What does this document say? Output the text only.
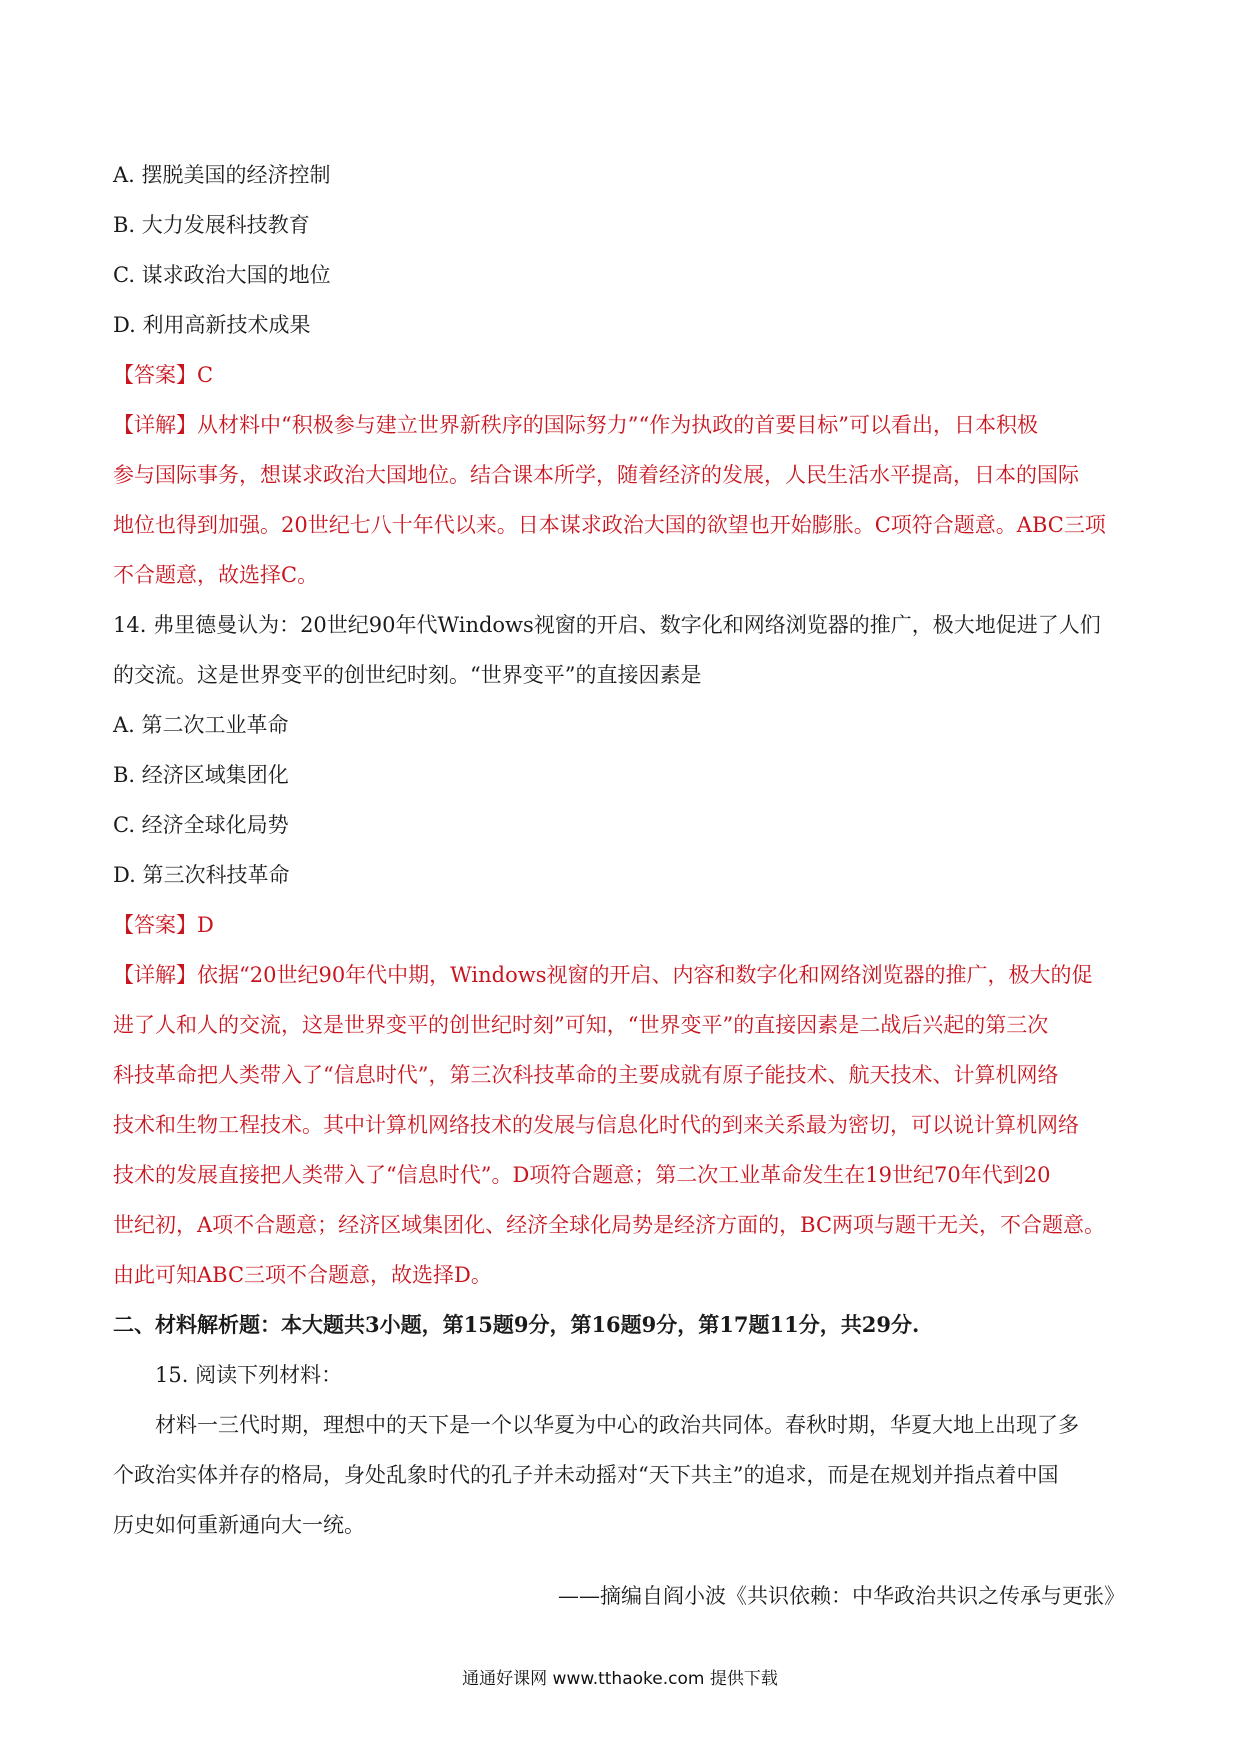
A. 摆脱美国的经济控制

B. 大力发展科技教育

C. 谋求政治大国的地位

D. 利用高新技术成果

【答案】C

【详解】从材料中“积极参与建立世界新秩序的国际努力”“作为执政的首要目标”可以看出，日本积极

参与国际事务，想谋求政治大国地位。结合课本所学，随着经济的发展，人民生活水平提高，日本的国际

地位也得到加强。20世纪七八十年代以来。日本谋求政治大国的欲望也开始膨胀。C项符合题意。ABC三项

不合题意，故选择C。

14. 弗里德曼认为：20世纪90年代Windows视窗的开启、数字化和网络浏览器的推广，极大地促进了人们

的交流。这是世界变平的创世纪时刻。“世界变平”的直接因素是

A. 第二次工业革命

B. 经济区域集团化

C. 经济全球化局势

D. 第三次科技革命

【答案】D

【详解】依据“20世纪90年代中期，Windows视窗的开启、内容和数字化和网络浏览器的推广，极大的促

进了人和人的交流，这是世界变平的创世纪时刻”可知，“世界变平”的直接因素是二战后兴起的第三次

科技革命把人类带入了“信息时代”，第三次科技革命的主要成就有原子能技术、航天技术、计算机网络

技术和生物工程技术。其中计算机网络技术的发展与信息化时代的到来关系最为密切，可以说计算机网络

技术的发展直接把人类带入了“信息时代”。D项符合题意；第二次工业革命发生在19世纪70年代到20

世纪初，A项不合题意；经济区域集团化、经济全球化局势是经济方面的，BC两项与题干无关，不合题意。

由此可知ABC三项不合题意，故选择D。

二、材料解析题：本大题共3小题，第15题9分，第16题9分，第17题11分，共29分.

15. 阅读下列材料：

材料一三代时期，理想中的天下是一个以华夏为中心的政治共同体。春秋时期，华夏大地上出现了多

个政治实体并存的格局，身处乱象时代的孔子并未动摇对“天下共主”的追求，而是在规划并指点着中国

历史如何重新通向大一统。

——摘编自阎小波《共识依赖：中华政治共识之传承与更张》

通通好课网 www.tthaoke.com 提供下载
